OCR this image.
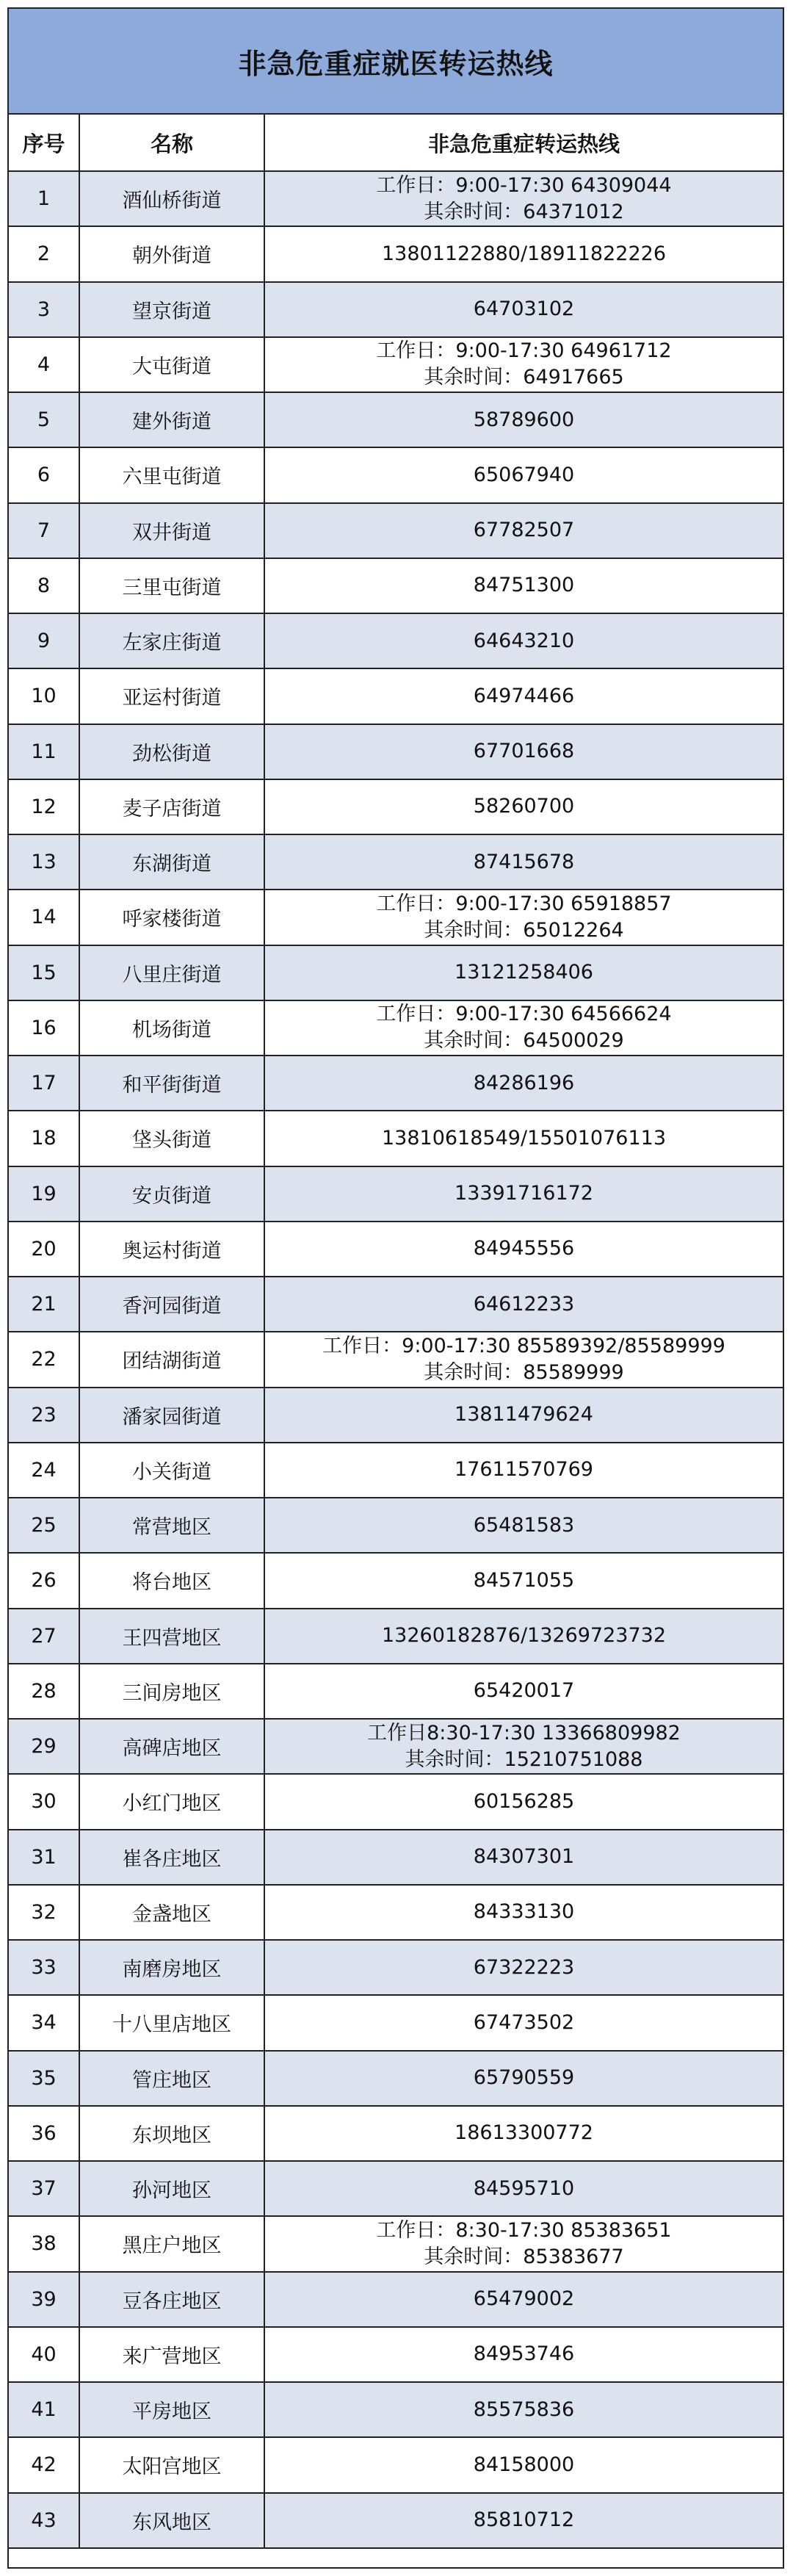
非急危重症就医转运热线
序号	名称	非急危重症转运热线
1	酒仙桥街道	工作日：9:00-17:30 64309044
其余时间：64371012

2	朝外街道	13801122880/18911822226

3	望京街道	64703102

4	大屯街道	工作日：9:00-17:30 64961712
其余时间：64917665

5	建外街道	58789600

6	六里屯街道	65067940

7	双井街道	67782507

8	三里屯街道	84751300

9	左家庄街道	64643210

10	亚运村街道	64974466

11	劲松街道	67701668

12	麦子店街道	58260700

13	东湖街道	87415678

14	呼家楼街道	工作日：9:00-17:30 65918857
其余时间：65012264

15	八里庄街道	13121258406

16	机场街道	工作日：9:00-17:30 64566624
其余时间：64500029

17	和平街街道	84286196

18	垡头街道	13810618549/15501076113

19	安贞街道	13391716172

20	奥运村街道	84945556

21	香河园街道	64612233

22	团结湖街道	工作日：9:00-17:30 85589392/85589999
其余时间：85589999

23	潘家园街道	13811479624

24	小关街道	17611570769

25	常营地区	65481583

26	将台地区	84571055

27	王四营地区	13260182876/13269723732

28	三间房地区	65420017

29	高碑店地区	工作日8:30-17:30 13366809982
其余时间：15210751088

30	小红门地区	60156285

31	崔各庄地区	84307301

32	金盏地区	84333130

33	南磨房地区	67322223

34	十八里店地区	67473502

35	管庄地区	65790559

36	东坝地区	18613300772

37	孙河地区	84595710

38	黑庄户地区	工作日：8:30-17:30 85383651
其余时间：85383677

39	豆各庄地区	65479002

40	来广营地区	84953746

41	平房地区	85575836

42	太阳宫地区	84158000

43	东风地区	85810712
